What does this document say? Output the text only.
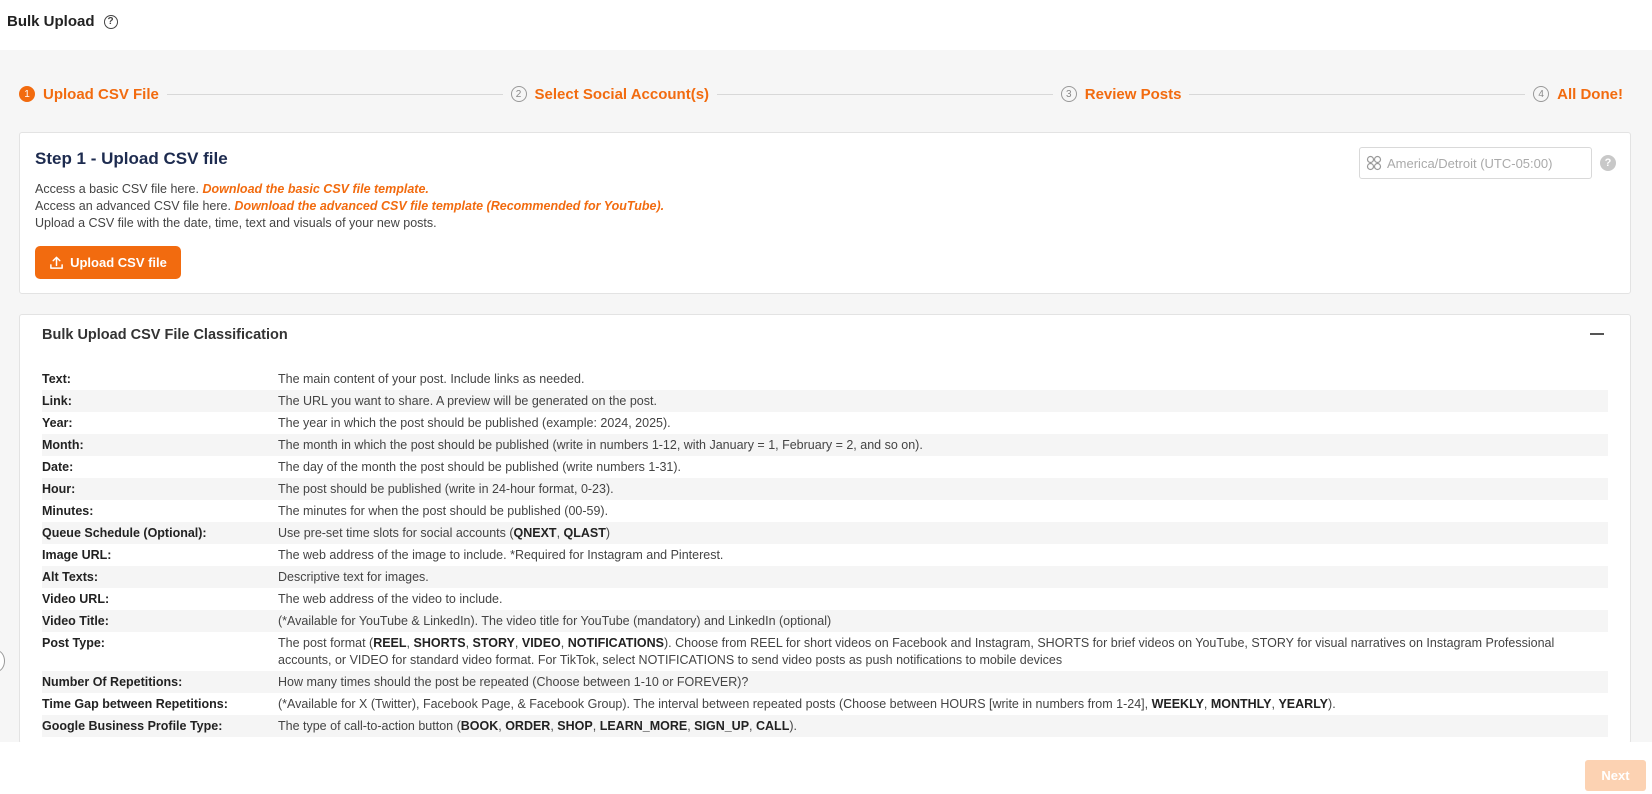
Bulk Upload	?
1 Upload CSV File	2 Select Social Account(s)	3 Review Posts	4 All Done!
Step 1 - Upload CSV file
Access a basic CSV file here. Download the basic CSV file template.
Access an advanced CSV file here. Download the advanced CSV file template (Recommended for YouTube).
Upload a CSV file with the date, time, text and visuals of your new posts.
Upload CSV file
America/Detroit (UTC-05:00)	?
Bulk Upload CSV File Classification
Text:	The main content of your post. Include links as needed.
Link:	The URL you want to share. A preview will be generated on the post.
Year:	The year in which the post should be published (example: 2024, 2025).
Month:	The month in which the post should be published (write in numbers 1-12, with January = 1, February = 2, and so on).
Date:	The day of the month the post should be published (write numbers 1-31).
Hour:	The post should be published (write in 24-hour format, 0-23).
Minutes:	The minutes for when the post should be published (00-59).
Queue Schedule (Optional):	Use pre-set time slots for social accounts (QNEXT, QLAST)
Image URL:	The web address of the image to include. *Required for Instagram and Pinterest.
Alt Texts:	Descriptive text for images.
Video URL:	The web address of the video to include.
Video Title:	(*Available for YouTube & LinkedIn). The video title for YouTube (mandatory) and LinkedIn (optional)
Post Type:	The post format (REEL, SHORTS, STORY, VIDEO, NOTIFICATIONS). Choose from REEL for short videos on Facebook and Instagram, SHORTS for brief videos on YouTube, STORY for visual narratives on Instagram Professional accounts, or VIDEO for standard video format. For TikTok, select NOTIFICATIONS to send video posts as push notifications to mobile devices
Number Of Repetitions:	How many times should the post be repeated (Choose between 1-10 or FOREVER)?
Time Gap between Repetitions:	(*Available for X (Twitter), Facebook Page, & Facebook Group). The interval between repeated posts (Choose between HOURS [write in numbers from 1-24], WEEKLY, MONTHLY, YEARLY).
Google Business Profile Type:	The type of call-to-action button (BOOK, ORDER, SHOP, LEARN_MORE, SIGN_UP, CALL).
Next
